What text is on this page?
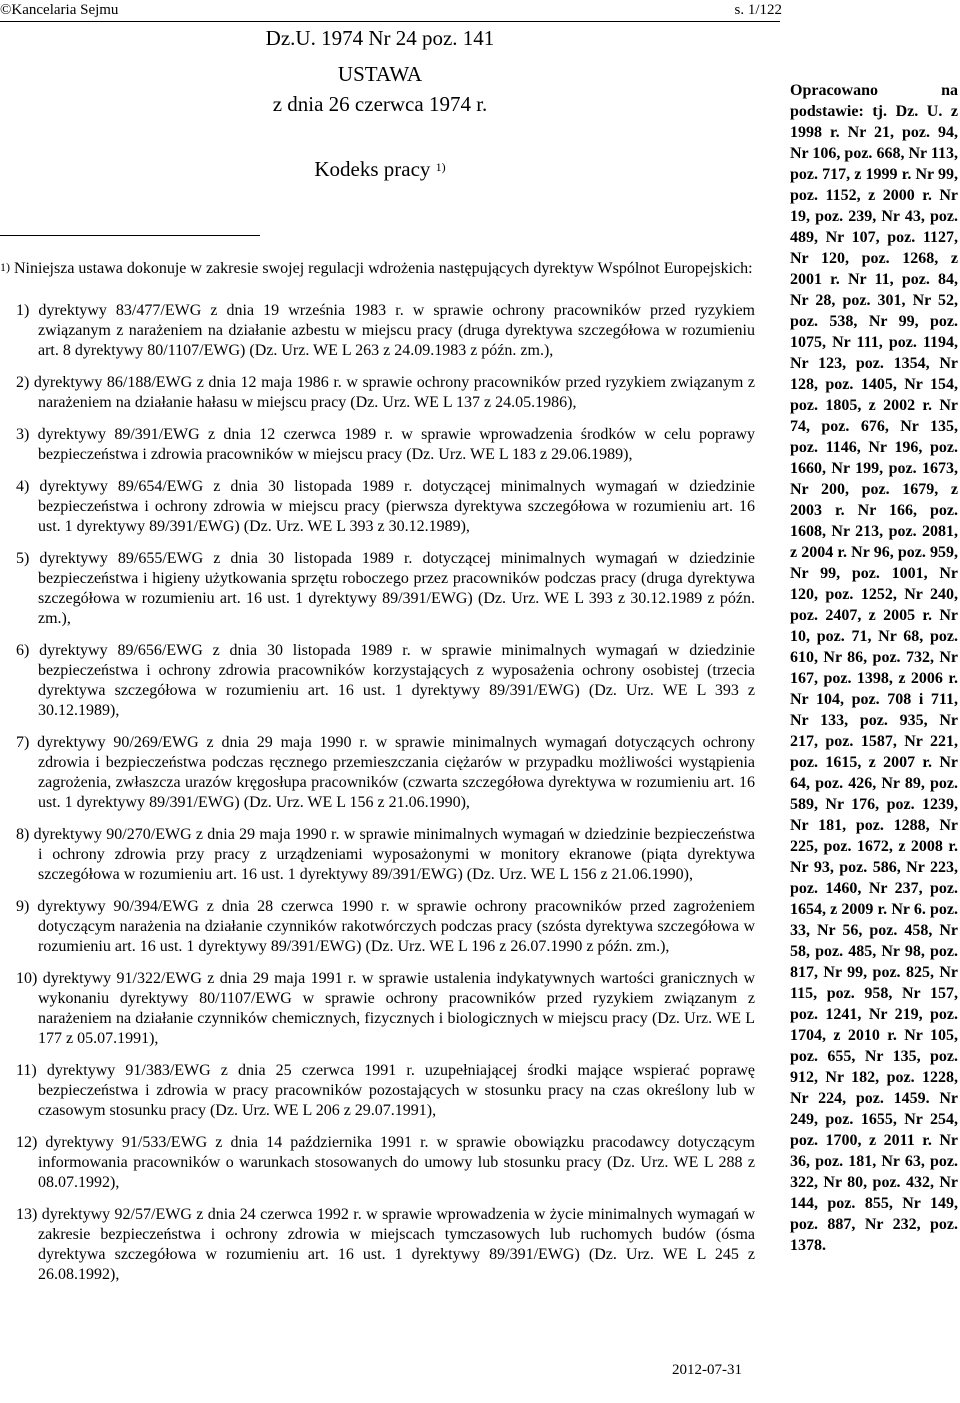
©Kancelaria Sejmu	s. 1/122
Dz.U. 1974 Nr 24 poz. 141
USTAWA
z dnia 26 czerwca 1974 r.
Kodeks pracy $^{1)}$
$^{1)}$ Niniejsza ustawa dokonuje w zakresie swojej regulacji wdrożenia następujących dyrektyw Wspólnot Europejskich:

1) dyrektywy 83/477/EWG z dnia 19 września 1983 r. w sprawie ochrony pracowników przed ryzykiem związanym z narażeniem na działanie azbestu w miejscu pracy (druga dyrektywa szczegółowa w rozumieniu art. 8 dyrektywy 80/1107/EWG) (Dz. Urz. WE L 263 z 24.09.1983 z późn. zm.),

2) dyrektywy 86/188/EWG z dnia 12 maja 1986 r. w sprawie ochrony pracowników przed ryzykiem związanym z narażeniem na działanie hałasu w miejscu pracy (Dz. Urz. WE L 137 z 24.05.1986),

3) dyrektywy 89/391/EWG z dnia 12 czerwca 1989 r. w sprawie wprowadzenia środków w celu poprawy bezpieczeństwa i zdrowia pracowników w miejscu pracy (Dz. Urz. WE L 183 z 29.06.1989),

4) dyrektywy 89/654/EWG z dnia 30 listopada 1989 r. dotyczącej minimalnych wymagań w dziedzinie bezpieczeństwa i ochrony zdrowia w miejscu pracy (pierwsza dyrektywa szczegółowa w rozumieniu art. 16 ust. 1 dyrektywy 89/391/EWG) (Dz. Urz. WE L 393 z 30.12.1989),

5) dyrektywy 89/655/EWG z dnia 30 listopada 1989 r. dotyczącej minimalnych wymagań w dziedzinie bezpieczeństwa i higieny użytkowania sprzętu roboczego przez pracowników podczas pracy (druga dyrektywa szczegółowa w rozumieniu art. 16 ust. 1 dyrektywy 89/391/EWG) (Dz. Urz. WE L 393 z 30.12.1989 z późn. zm.),

6) dyrektywy 89/656/EWG z dnia 30 listopada 1989 r. w sprawie minimalnych wymagań w dziedzinie bezpieczeństwa i ochrony zdrowia pracowników korzystających z wyposażenia ochrony osobistej (trzecia dyrektywa szczegółowa w rozumieniu art. 16 ust. 1 dyrektywy 89/391/EWG) (Dz. Urz. WE L 393 z 30.12.1989),

7) dyrektywy 90/269/EWG z dnia 29 maja 1990 r. w sprawie minimalnych wymagań dotyczących ochrony zdrowia i bezpieczeństwa podczas ręcznego przemieszczania ciężarów w przypadku możliwości wystąpienia zagrożenia, zwłaszcza urazów kręgosłupa pracowników (czwarta szczegółowa dyrektywa w rozumieniu art. 16 ust. 1 dyrektywy 89/391/EWG) (Dz. Urz. WE L 156 z 21.06.1990),

8) dyrektywy 90/270/EWG z dnia 29 maja 1990 r. w sprawie minimalnych wymagań w dziedzinie bezpieczeństwa i ochrony zdrowia przy pracy z urządzeniami wyposażonymi w monitory ekranowe (piąta dyrektywa szczegółowa w rozumieniu art. 16 ust. 1 dyrektywy 89/391/EWG) (Dz. Urz. WE L 156 z 21.06.1990),

9) dyrektywy 90/394/EWG z dnia 28 czerwca 1990 r. w sprawie ochrony pracowników przed zagrożeniem dotyczącym narażenia na działanie czynników rakotwórczych podczas pracy (szósta dyrektywa szczegółowa w rozumieniu art. 16 ust. 1 dyrektywy 89/391/EWG) (Dz. Urz. WE L 196 z 26.07.1990 z późn. zm.),

10) dyrektywy 91/322/EWG z dnia 29 maja 1991 r. w sprawie ustalenia indykatywnych wartości granicznych w wykonaniu dyrektywy 80/1107/EWG w sprawie ochrony pracowników przed ryzykiem związanym z narażeniem na działanie czynników chemicznych, fizycznych i biologicznych w miejscu pracy (Dz. Urz. WE L 177 z 05.07.1991),

11) dyrektywy 91/383/EWG z dnia 25 czerwca 1991 r. uzupełniającej środki mające wspierać poprawę bezpieczeństwa i zdrowia w pracy pracowników pozostających w stosunku pracy na czas określony lub w czasowym stosunku pracy (Dz. Urz. WE L 206 z 29.07.1991),

12) dyrektywy 91/533/EWG z dnia 14 października 1991 r. w sprawie obowiązku pracodawcy dotyczącym informowania pracowników o warunkach stosowanych do umowy lub stosunku pracy (Dz. Urz. WE L 288 z 08.07.1992),

13) dyrektywy 92/57/EWG z dnia 24 czerwca 1992 r. w sprawie wprowadzenia w życie minimalnych wymagań w zakresie bezpieczeństwa i ochrony zdrowia w miejscach tymczasowych lub ruchomych budów (ósma dyrektywa szczegółowa w rozumieniu art. 16 ust. 1 dyrektywy 89/391/EWG) (Dz. Urz. WE L 245 z 26.08.1992),

Opracowano na podstawie: tj. Dz. U. z 1998 r. Nr 21, poz. 94, Nr 106, poz. 668, Nr 113, poz. 717, z 1999 r. Nr 99, poz. 1152, z 2000 r. Nr 19, poz. 239, Nr 43, poz. 489, Nr 107, poz. 1127, Nr 120, poz. 1268, z 2001 r. Nr 11, poz. 84, Nr 28, poz. 301, Nr 52, poz. 538, Nr 99, poz. 1075, Nr 111, poz. 1194, Nr 123, poz. 1354, Nr 128, poz. 1405, Nr 154, poz. 1805, z 2002 r. Nr 74, poz. 676, Nr 135, poz. 1146, Nr 196, poz. 1660, Nr 199, poz. 1673, Nr 200, poz. 1679, z 2003 r. Nr 166, poz. 1608, Nr 213, poz. 2081, z 2004 r. Nr 96, poz. 959, Nr 99, poz. 1001, Nr 120, poz. 1252, Nr 240, poz. 2407, z 2005 r. Nr 10, poz. 71, Nr 68, poz. 610, Nr 86, poz. 732, Nr 167, poz. 1398, z 2006 r. Nr 104, poz. 708 i 711, Nr 133, poz. 935, Nr 217, poz. 1587, Nr 221, poz. 1615, z 2007 r. Nr 64, poz. 426, Nr 89, poz. 589, Nr 176, poz. 1239, Nr 181, poz. 1288, Nr 225, poz. 1672, z 2008 r. Nr 93, poz. 586, Nr 223, poz. 1460, Nr 237, poz. 1654, z 2009 r. Nr 6. poz. 33, Nr 56, poz. 458, Nr 58, poz. 485, Nr 98, poz. 817, Nr 99, poz. 825, Nr 115, poz. 958, Nr 157, poz. 1241, Nr 219, poz. 1704, z 2010 r. Nr 105, poz. 655, Nr 135, poz. 912, Nr 182, poz. 1228, Nr 224, poz. 1459. Nr 249, poz. 1655, Nr 254, poz. 1700, z 2011 r. Nr 36, poz. 181, Nr 63, poz. 322, Nr 80, poz. 432, Nr 144, poz. 855, Nr 149, poz. 887, Nr 232, poz. 1378.
2012-07-31
